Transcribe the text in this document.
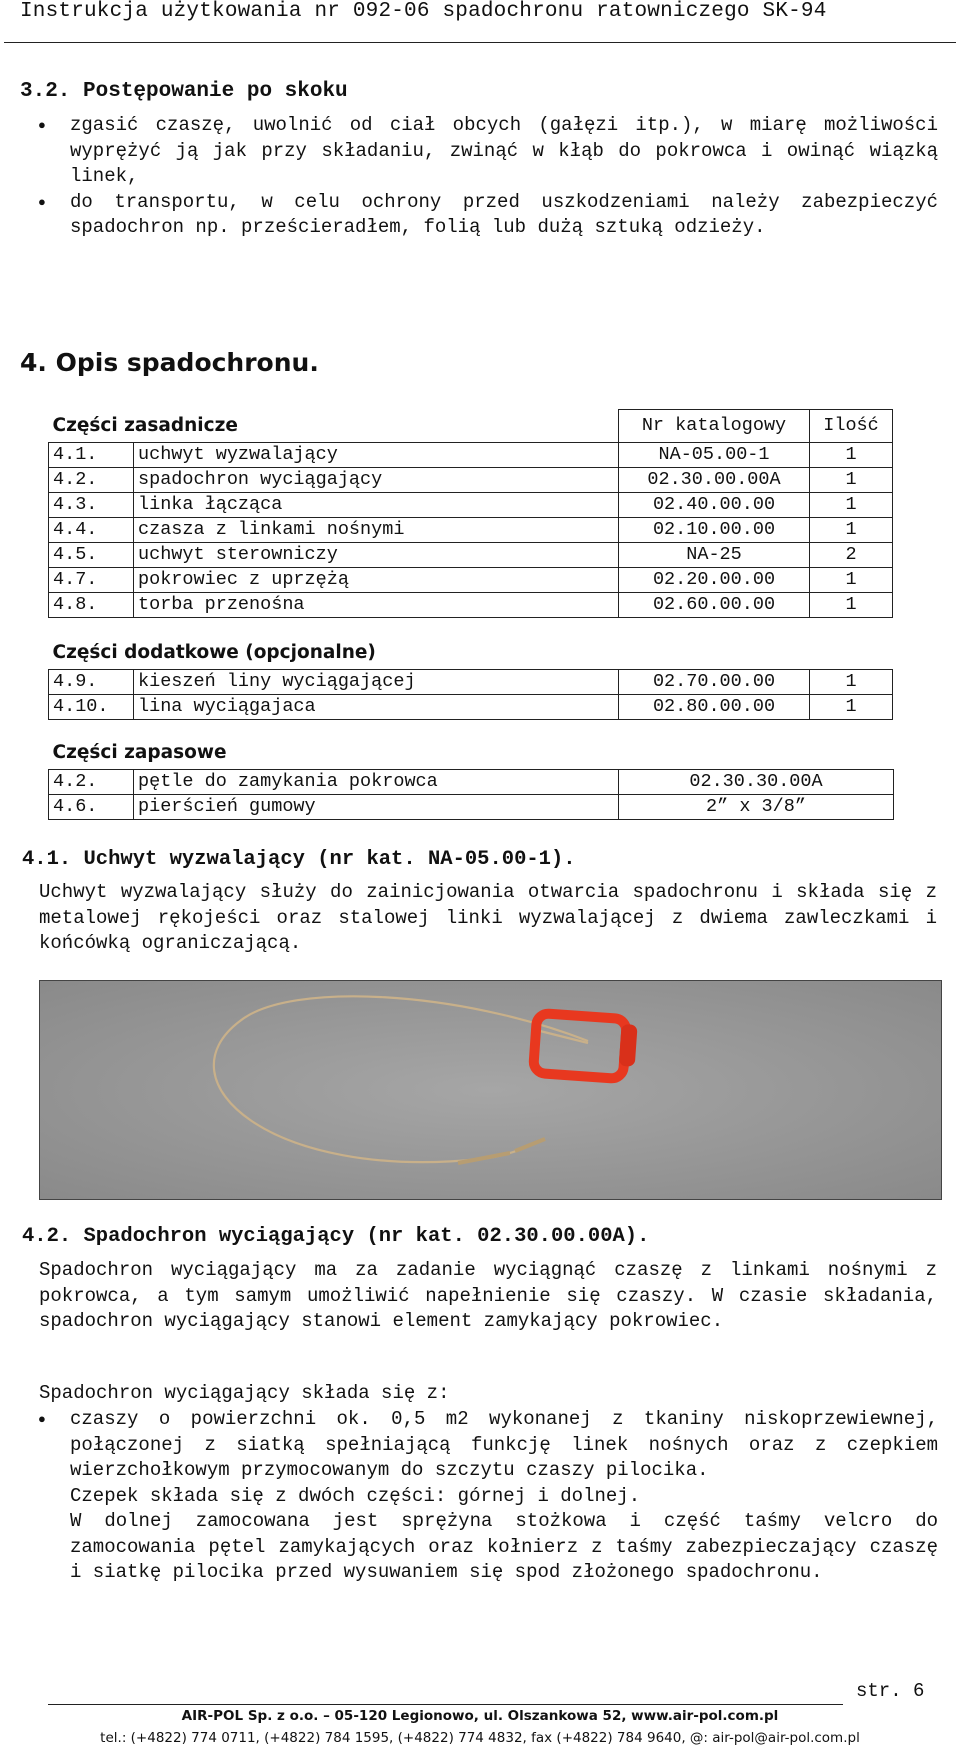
Instrukcja użytkowania nr 092-06 spadochronu ratowniczego SK-94
3.2. Postępowanie po skoku
● zgasić czaszę, uwolnić od ciał obcych (gałęzi itp.), w miarę możliwości wyprężyć ją jak przy składaniu, zwinąć w kłąb do pokrowca i owinąć wiązką linek,
● do transportu, w celu ochrony przed uszkodzeniami należy zabezpieczyć spadochron np. prześcieradłem, folią lub dużą sztuką odzieży.
4. Opis spadochronu.
Części zasadnicze		Nr katalogowy	Ilość
4.1.	uchwyt wyzwalający	NA-05.00-1	1
4.2.	spadochron wyciągający	02.30.00.00A	1
4.3.	linka łącząca	02.40.00.00	1
4.4.	czasza z linkami nośnymi	02.10.00.00	1
4.5.	uchwyt sterowniczy	NA-25	2
4.7.	pokrowiec z uprzężą	02.20.00.00	1
4.8.	torba przenośna	02.60.00.00	1
Części dodatkowe (opcjonalne)			
4.9.	kieszeń liny wyciągającej	02.70.00.00	1
4.10.	lina wyciągajaca	02.80.00.00	1
Części zapasowe		
4.2.	pętle do zamykania pokrowca	02.30.30.00A
4.6.	pierścień gumowy	2” x 3/8”
4.1. Uchwyt wyzwalający (nr kat. NA-05.00-1).
Uchwyt wyzwalający służy do zainicjowania otwarcia spadochronu i składa się z metalowej rękojeści oraz stalowej linki wyzwalającej z dwiema zawleczkami i końcówką ograniczającą.
4.2. Spadochron wyciągający (nr kat. 02.30.00.00A).
Spadochron wyciągający ma za zadanie wyciągnąć czaszę z linkami nośnymi z pokrowca, a tym samym umożliwić napełnienie się czaszy. W czasie składania, spadochron wyciągający stanowi element zamykający pokrowiec.
Spadochron wyciągający składa się z:
● czaszy o powierzchni ok. 0,5 m2 wykonanej z tkaniny niskoprzewiewnej, połączonej z siatką spełniającą funkcję linek nośnych oraz z czepkiem wierzchołkowym przymocowanym do szczytu czaszy pilocika.
Czepek składa się z dwóch części: górnej i dolnej.
W dolnej zamocowana jest sprężyna stożkowa i część taśmy velcro do zamocowania pętel zamykających oraz kołnierz z taśmy zabezpieczający czaszę i siatkę pilocika przed wysuwaniem się spod złożonego spadochronu.
str. 6
AIR-POL Sp. z o.o. – 05-120 Legionowo, ul. Olszankowa 52, www.air-pol.com.pl
tel.: (+4822) 774 0711, (+4822) 784 1595, (+4822) 774 4832, fax (+4822) 784 9640, @: air-pol@air-pol.com.pl
